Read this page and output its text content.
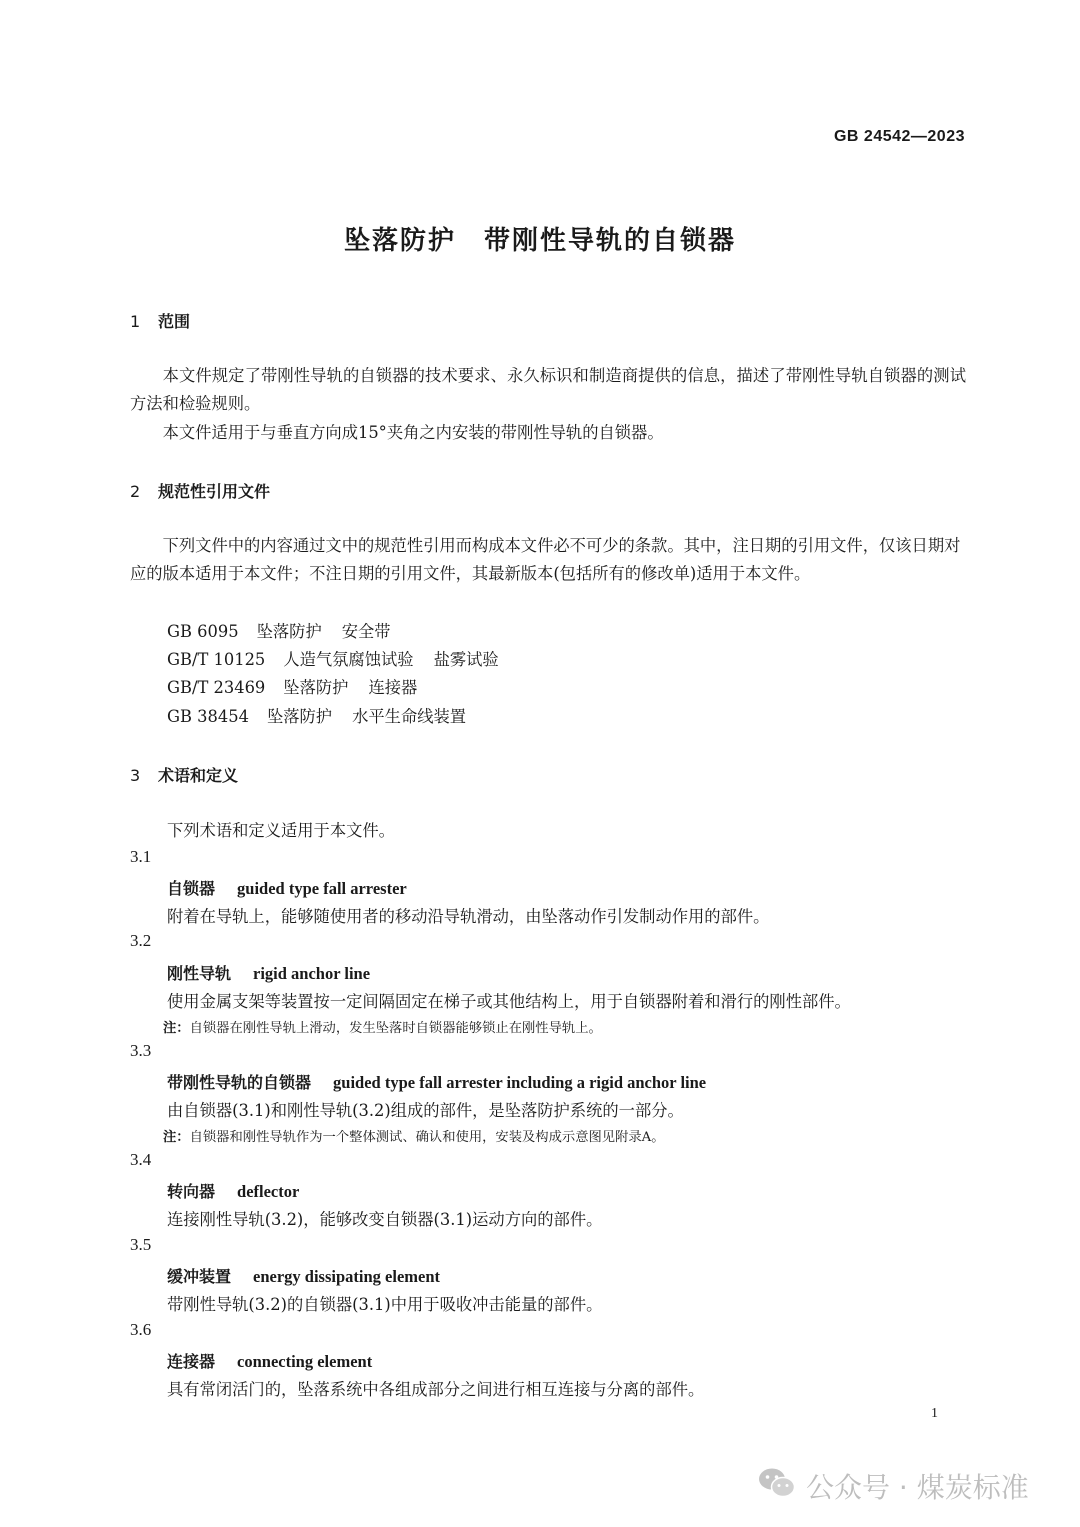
GB 24542—2023
坠落防护　带刚性导轨的自锁器
1 范围
本文件规定了带刚性导轨的自锁器的技术要求、永久标识和制造商提供的信息，描述了带刚性导轨自锁器的测试方法和检验规则。
本文件适用于与垂直方向成15°夹角之内安装的带刚性导轨的自锁器。
2 规范性引用文件
下列文件中的内容通过文中的规范性引用而构成本文件必不可少的条款。其中，注日期的引用文件，仅该日期对应的版本适用于本文件；不注日期的引用文件，其最新版本(包括所有的修改单)适用于本文件。
GB 6095 坠落防护 安全带
GB/T 10125 人造气氛腐蚀试验 盐雾试验
GB/T 23469 坠落防护 连接器
GB 38454 坠落防护 水平生命线装置
3 术语和定义
下列术语和定义适用于本文件。
3.1
自锁器 guided type fall arrester
附着在导轨上，能够随使用者的移动沿导轨滑动，由坠落动作引发制动作用的部件。
3.2
刚性导轨 rigid anchor line
使用金属支架等装置按一定间隔固定在梯子或其他结构上，用于自锁器附着和滑行的刚性部件。
注：自锁器在刚性导轨上滑动，发生坠落时自锁器能够锁止在刚性导轨上。
3.3
带刚性导轨的自锁器 guided type fall arrester including a rigid anchor line
由自锁器(3.1)和刚性导轨(3.2)组成的部件，是坠落防护系统的一部分。
注：自锁器和刚性导轨作为一个整体测试、确认和使用，安装及构成示意图见附录A。
3.4
转向器 deflector
连接刚性导轨(3.2)，能够改变自锁器(3.1)运动方向的部件。
3.5
缓冲装置 energy dissipating element
带刚性导轨(3.2)的自锁器(3.1)中用于吸收冲击能量的部件。
3.6
连接器 connecting element
具有常闭活门的，坠落系统中各组成部分之间进行相互连接与分离的部件。
1
公众号 · 煤炭标准
